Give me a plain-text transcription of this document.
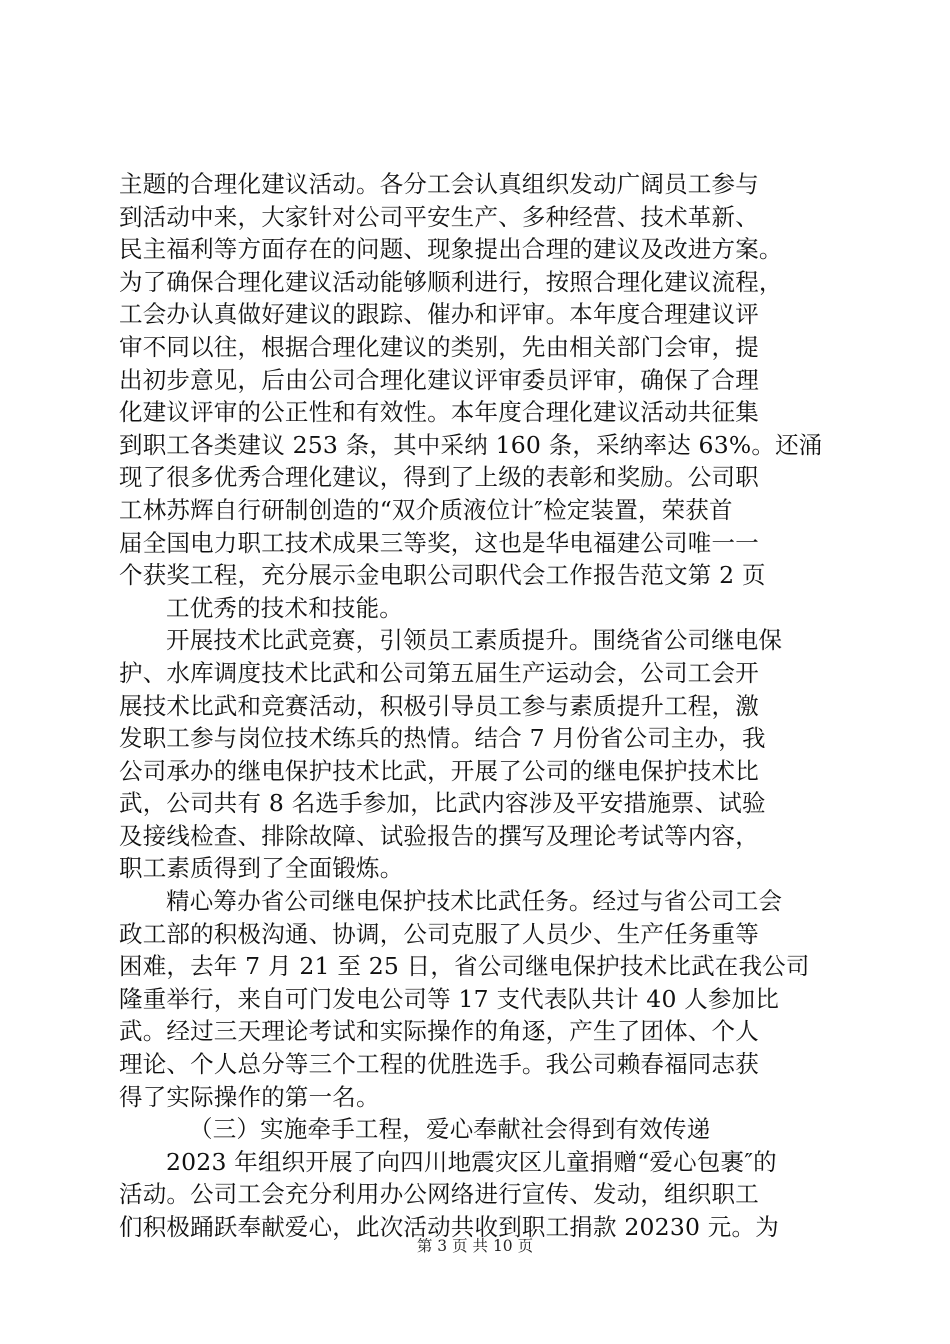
主题的合理化建议活动。各分工会认真组织发动广阔员工参与
到活动中来，大家针对公司平安生产、多种经营、技术革新、
民主福利等方面存在的问题、现象提出合理的建议及改进方案。
为了确保合理化建议活动能够顺利进行，按照合理化建议流程，
工会办认真做好建议的跟踪、催办和评审。本年度合理建议评
审不同以往，根据合理化建议的类别，先由相关部门会审，提
出初步意见，后由公司合理化建议评审委员评审，确保了合理
化建议评审的公正性和有效性。本年度合理化建议活动共征集
到职工各类建议 253 条，其中采纳 160 条，采纳率达 63%。还涌
现了很多优秀合理化建议，得到了上级的表彰和奖励。公司职
工林苏辉自行研制创造的“双介质液位计″检定装置，荣获首
届全国电力职工技术成果三等奖，这也是华电福建公司唯一一
个获奖工程，充分展示金电职公司职代会工作报告范文第 2 页
工优秀的技术和技能。
开展技术比武竞赛，引领员工素质提升。围绕省公司继电保
护、水库调度技术比武和公司第五届生产运动会，公司工会开
展技术比武和竞赛活动，积极引导员工参与素质提升工程，激
发职工参与岗位技术练兵的热情。结合 7 月份省公司主办，我
公司承办的继电保护技术比武，开展了公司的继电保护技术比
武，公司共有 8 名选手参加，比武内容涉及平安措施票、试验
及接线检查、排除故障、试验报告的撰写及理论考试等内容，
职工素质得到了全面锻炼。
精心筹办省公司继电保护技术比武任务。经过与省公司工会
政工部的积极沟通、协调，公司克服了人员少、生产任务重等
困难，去年 7 月 21 至 25 日，省公司继电保护技术比武在我公司
隆重举行，来自可门发电公司等 17 支代表队共计 40 人参加比
武。经过三天理论考试和实际操作的角逐，产生了团体、个人
理论、个人总分等三个工程的优胜选手。我公司赖春福同志获
得了实际操作的第一名。
（三）实施牵手工程，爱心奉献社会得到有效传递
2023 年组织开展了向四川地震灾区儿童捐赠“爱心包裹″的
活动。公司工会充分利用办公网络进行宣传、发动，组织职工
们积极踊跃奉献爱心，此次活动共收到职工捐款 20230 元。为
第 3 页 共 10 页
